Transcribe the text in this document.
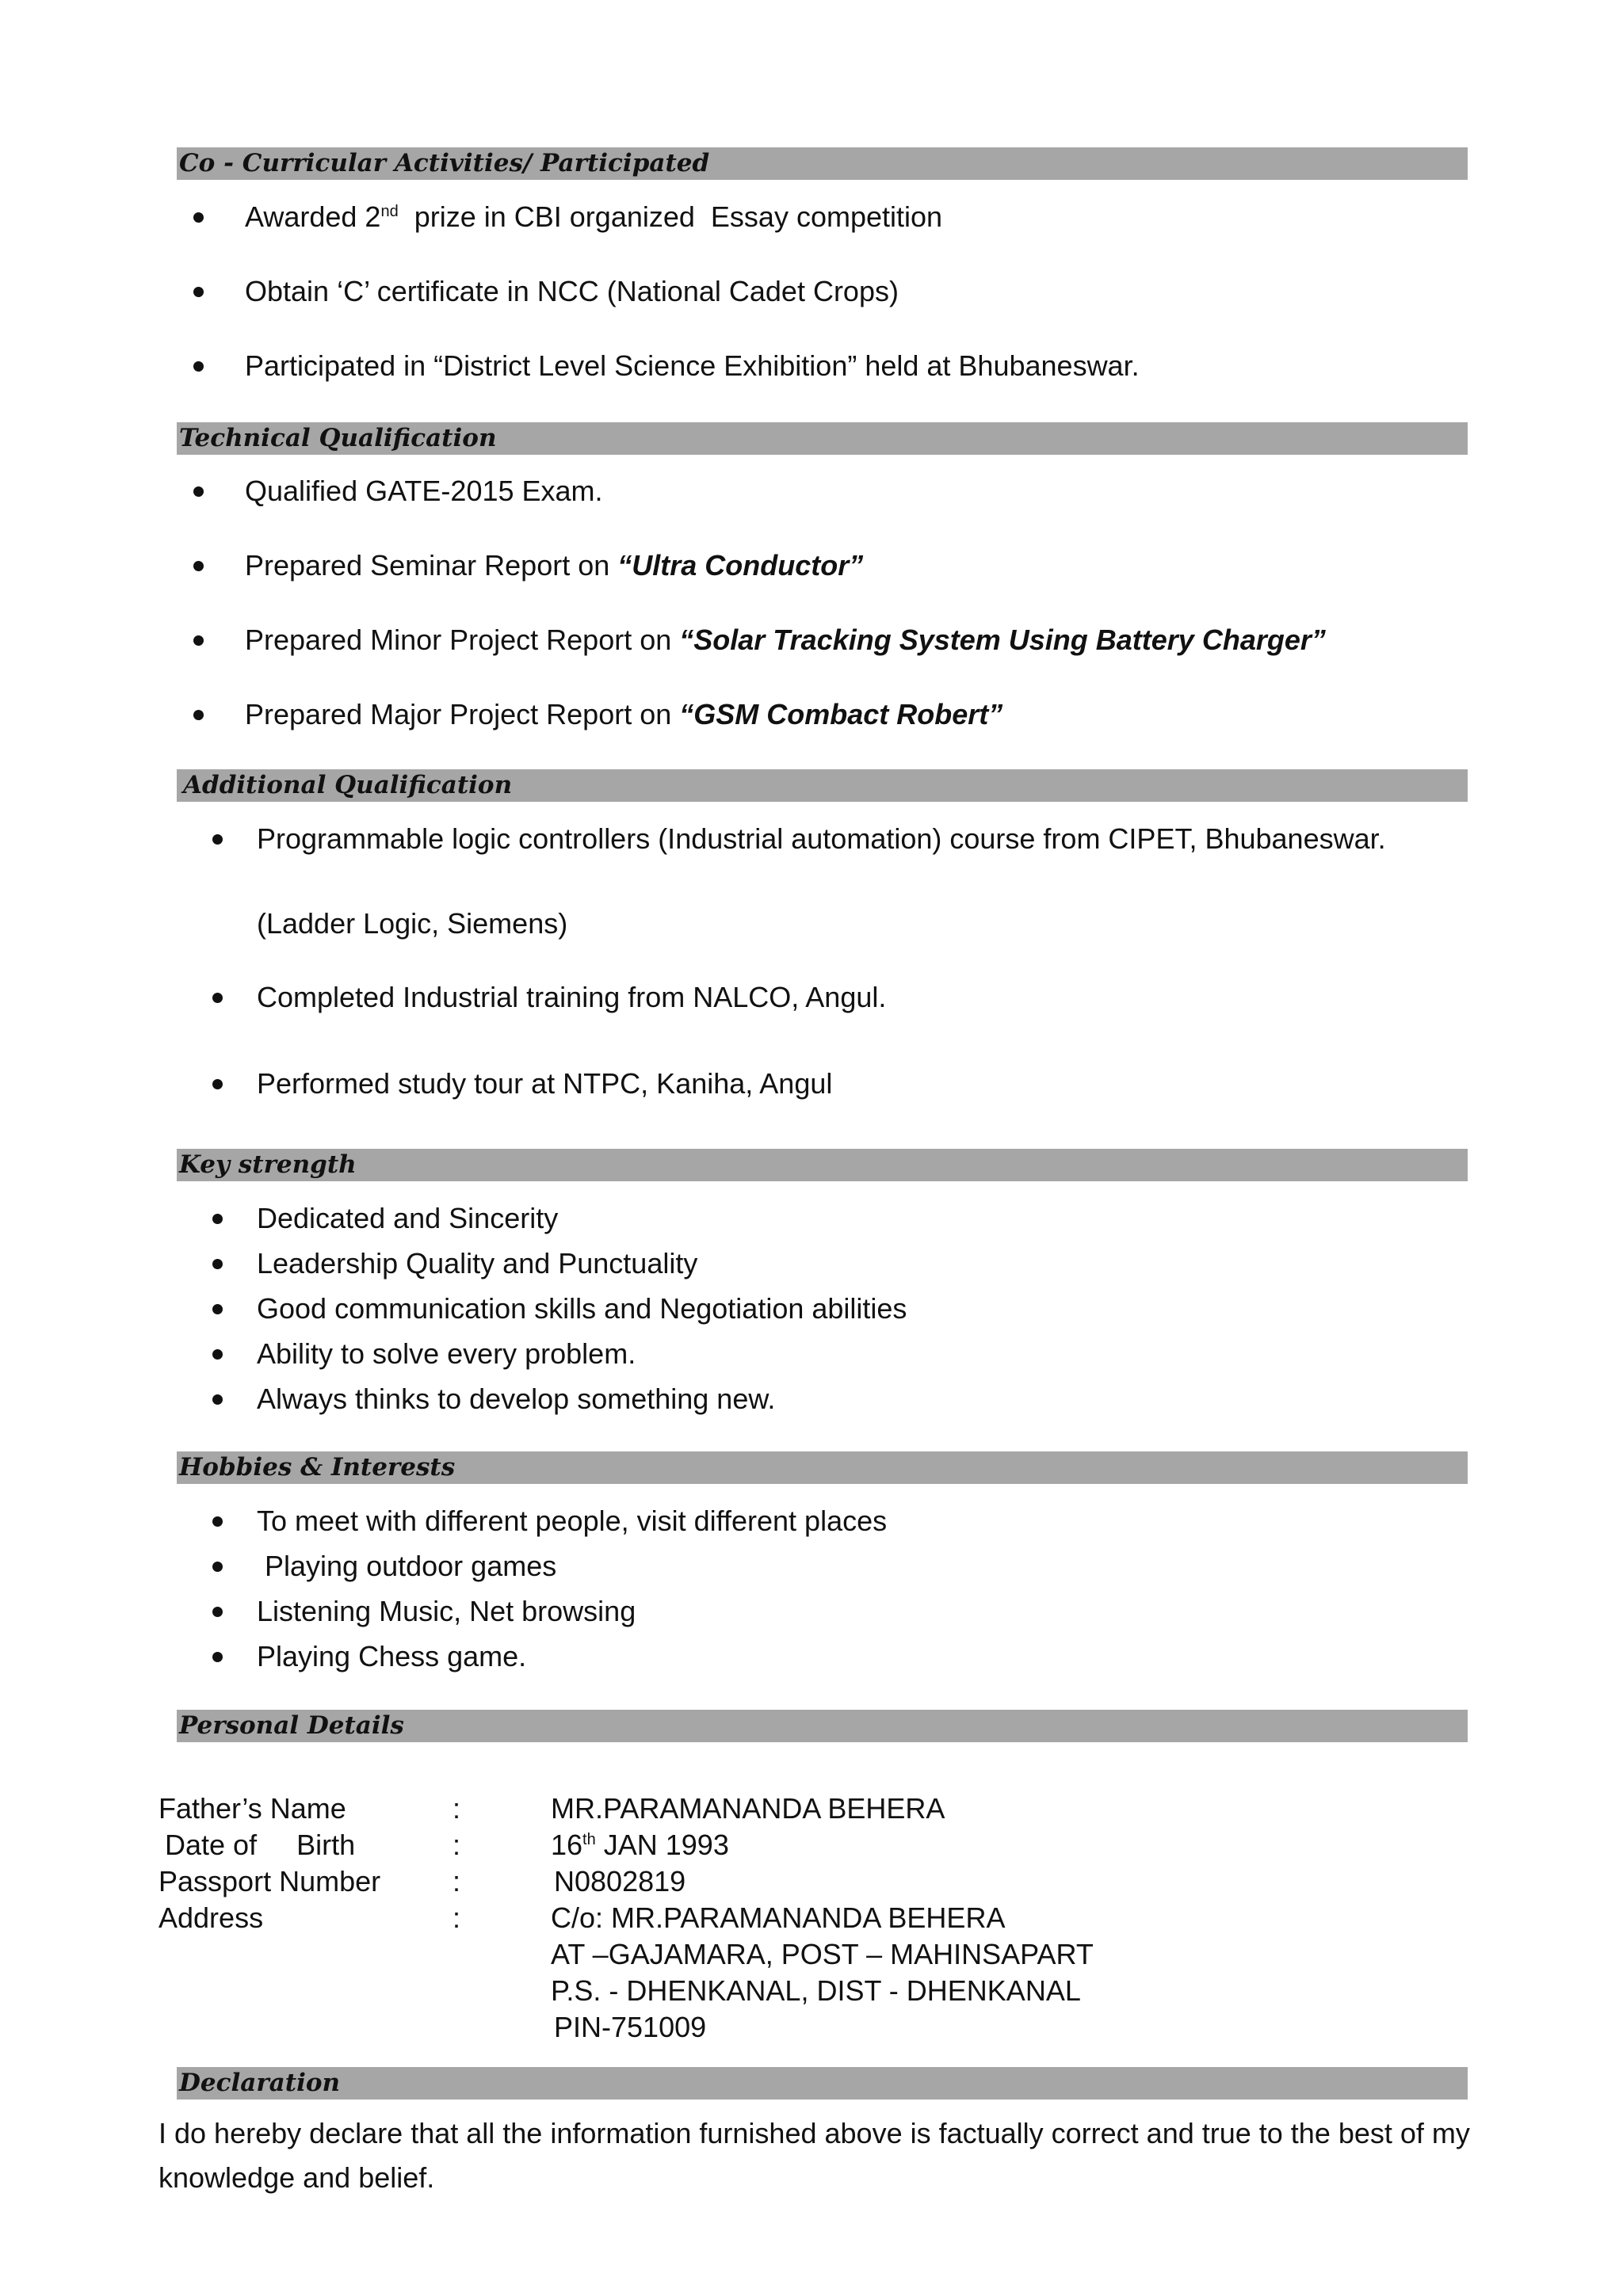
Co - Curricular Activities/ Participated
Awarded 2nd  prize in CBI organized  Essay competition
Obtain ‘C’ certificate in NCC (National Cadet Crops)
Participated in “District Level Science Exhibition” held at Bhubaneswar.
Technical Qualification
Qualified GATE-2015 Exam.
Prepared Seminar Report on “Ultra Conductor”
Prepared Minor Project Report on “Solar Tracking System Using Battery Charger”
Prepared Major Project Report on “GSM Combact Robert”
Additional Qualification
Programmable logic controllers (Industrial automation) course from CIPET, Bhubaneswar.
(Ladder Logic, Siemens)
Completed Industrial training from NALCO, Angul.
Performed study tour at NTPC, Kaniha, Angul
Key strength
Dedicated and Sincerity
Leadership Quality and Punctuality
Good communication skills and Negotiation abilities
Ability to solve every problem.
Always thinks to develop something new.
Hobbies & Interests
To meet with different people, visit different places
Playing outdoor games
Listening Music, Net browsing
Playing Chess game.
Personal Details
Father’s Name	:	MR.PARAMANANDA BEHERA
Date of     Birth	:	16th JAN 1993
Passport Number	:	N0802819
Address	:	C/o: MR.PARAMANANDA BEHERA
AT –GAJAMARA, POST – MAHINSAPART
P.S. - DHENKANAL, DIST - DHENKANAL
PIN-751009
Declaration
I do hereby declare that all the information furnished above is factually correct and true to the best of my
knowledge and belief.
